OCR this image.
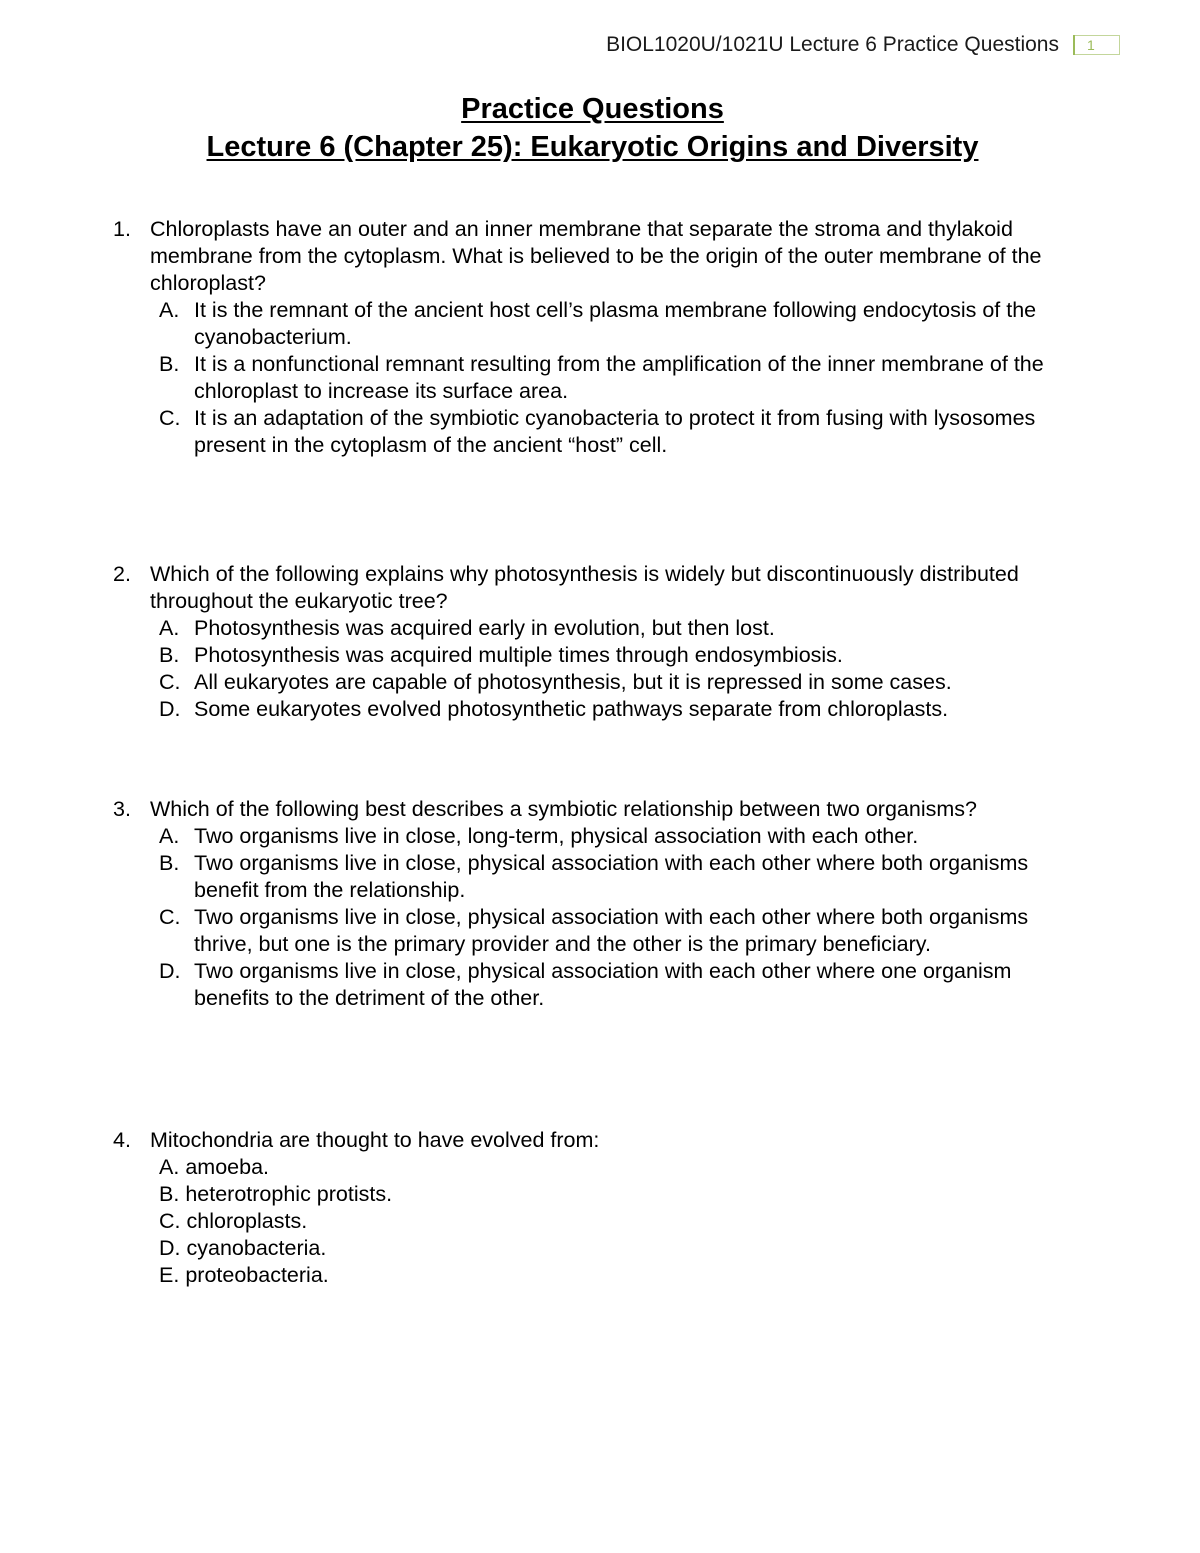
BIOL1020U/1021U Lecture 6 Practice Questions 1

Practice Questions

Lecture 6 (Chapter 25): Eukaryotic Origins and Diversity

1. Chloroplasts have an outer and an inner membrane that separate the stroma and thylakoid membrane from the cytoplasm. What is believed to be the origin of the outer membrane of the chloroplast?
A. It is the remnant of the ancient host cell’s plasma membrane following endocytosis of the cyanobacterium.
B. It is a nonfunctional remnant resulting from the amplification of the inner membrane of the chloroplast to increase its surface area.
C. It is an adaptation of the symbiotic cyanobacteria to protect it from fusing with lysosomes present in the cytoplasm of the ancient “host” cell.
2. Which of the following explains why photosynthesis is widely but discontinuously distributed throughout the eukaryotic tree?
A. Photosynthesis was acquired early in evolution, but then lost.
B. Photosynthesis was acquired multiple times through endosymbiosis.
C. All eukaryotes are capable of photosynthesis, but it is repressed in some cases.
D. Some eukaryotes evolved photosynthetic pathways separate from chloroplasts.
3. Which of the following best describes a symbiotic relationship between two organisms?
A. Two organisms live in close, long-term, physical association with each other.
B. Two organisms live in close, physical association with each other where both organisms benefit from the relationship.
C. Two organisms live in close, physical association with each other where both organisms thrive, but one is the primary provider and the other is the primary beneficiary.
D. Two organisms live in close, physical association with each other where one organism benefits to the detriment of the other.
4. Mitochondria are thought to have evolved from:
A. amoeba.
B. heterotrophic protists.
C. chloroplasts.
D. cyanobacteria.
E. proteobacteria.
